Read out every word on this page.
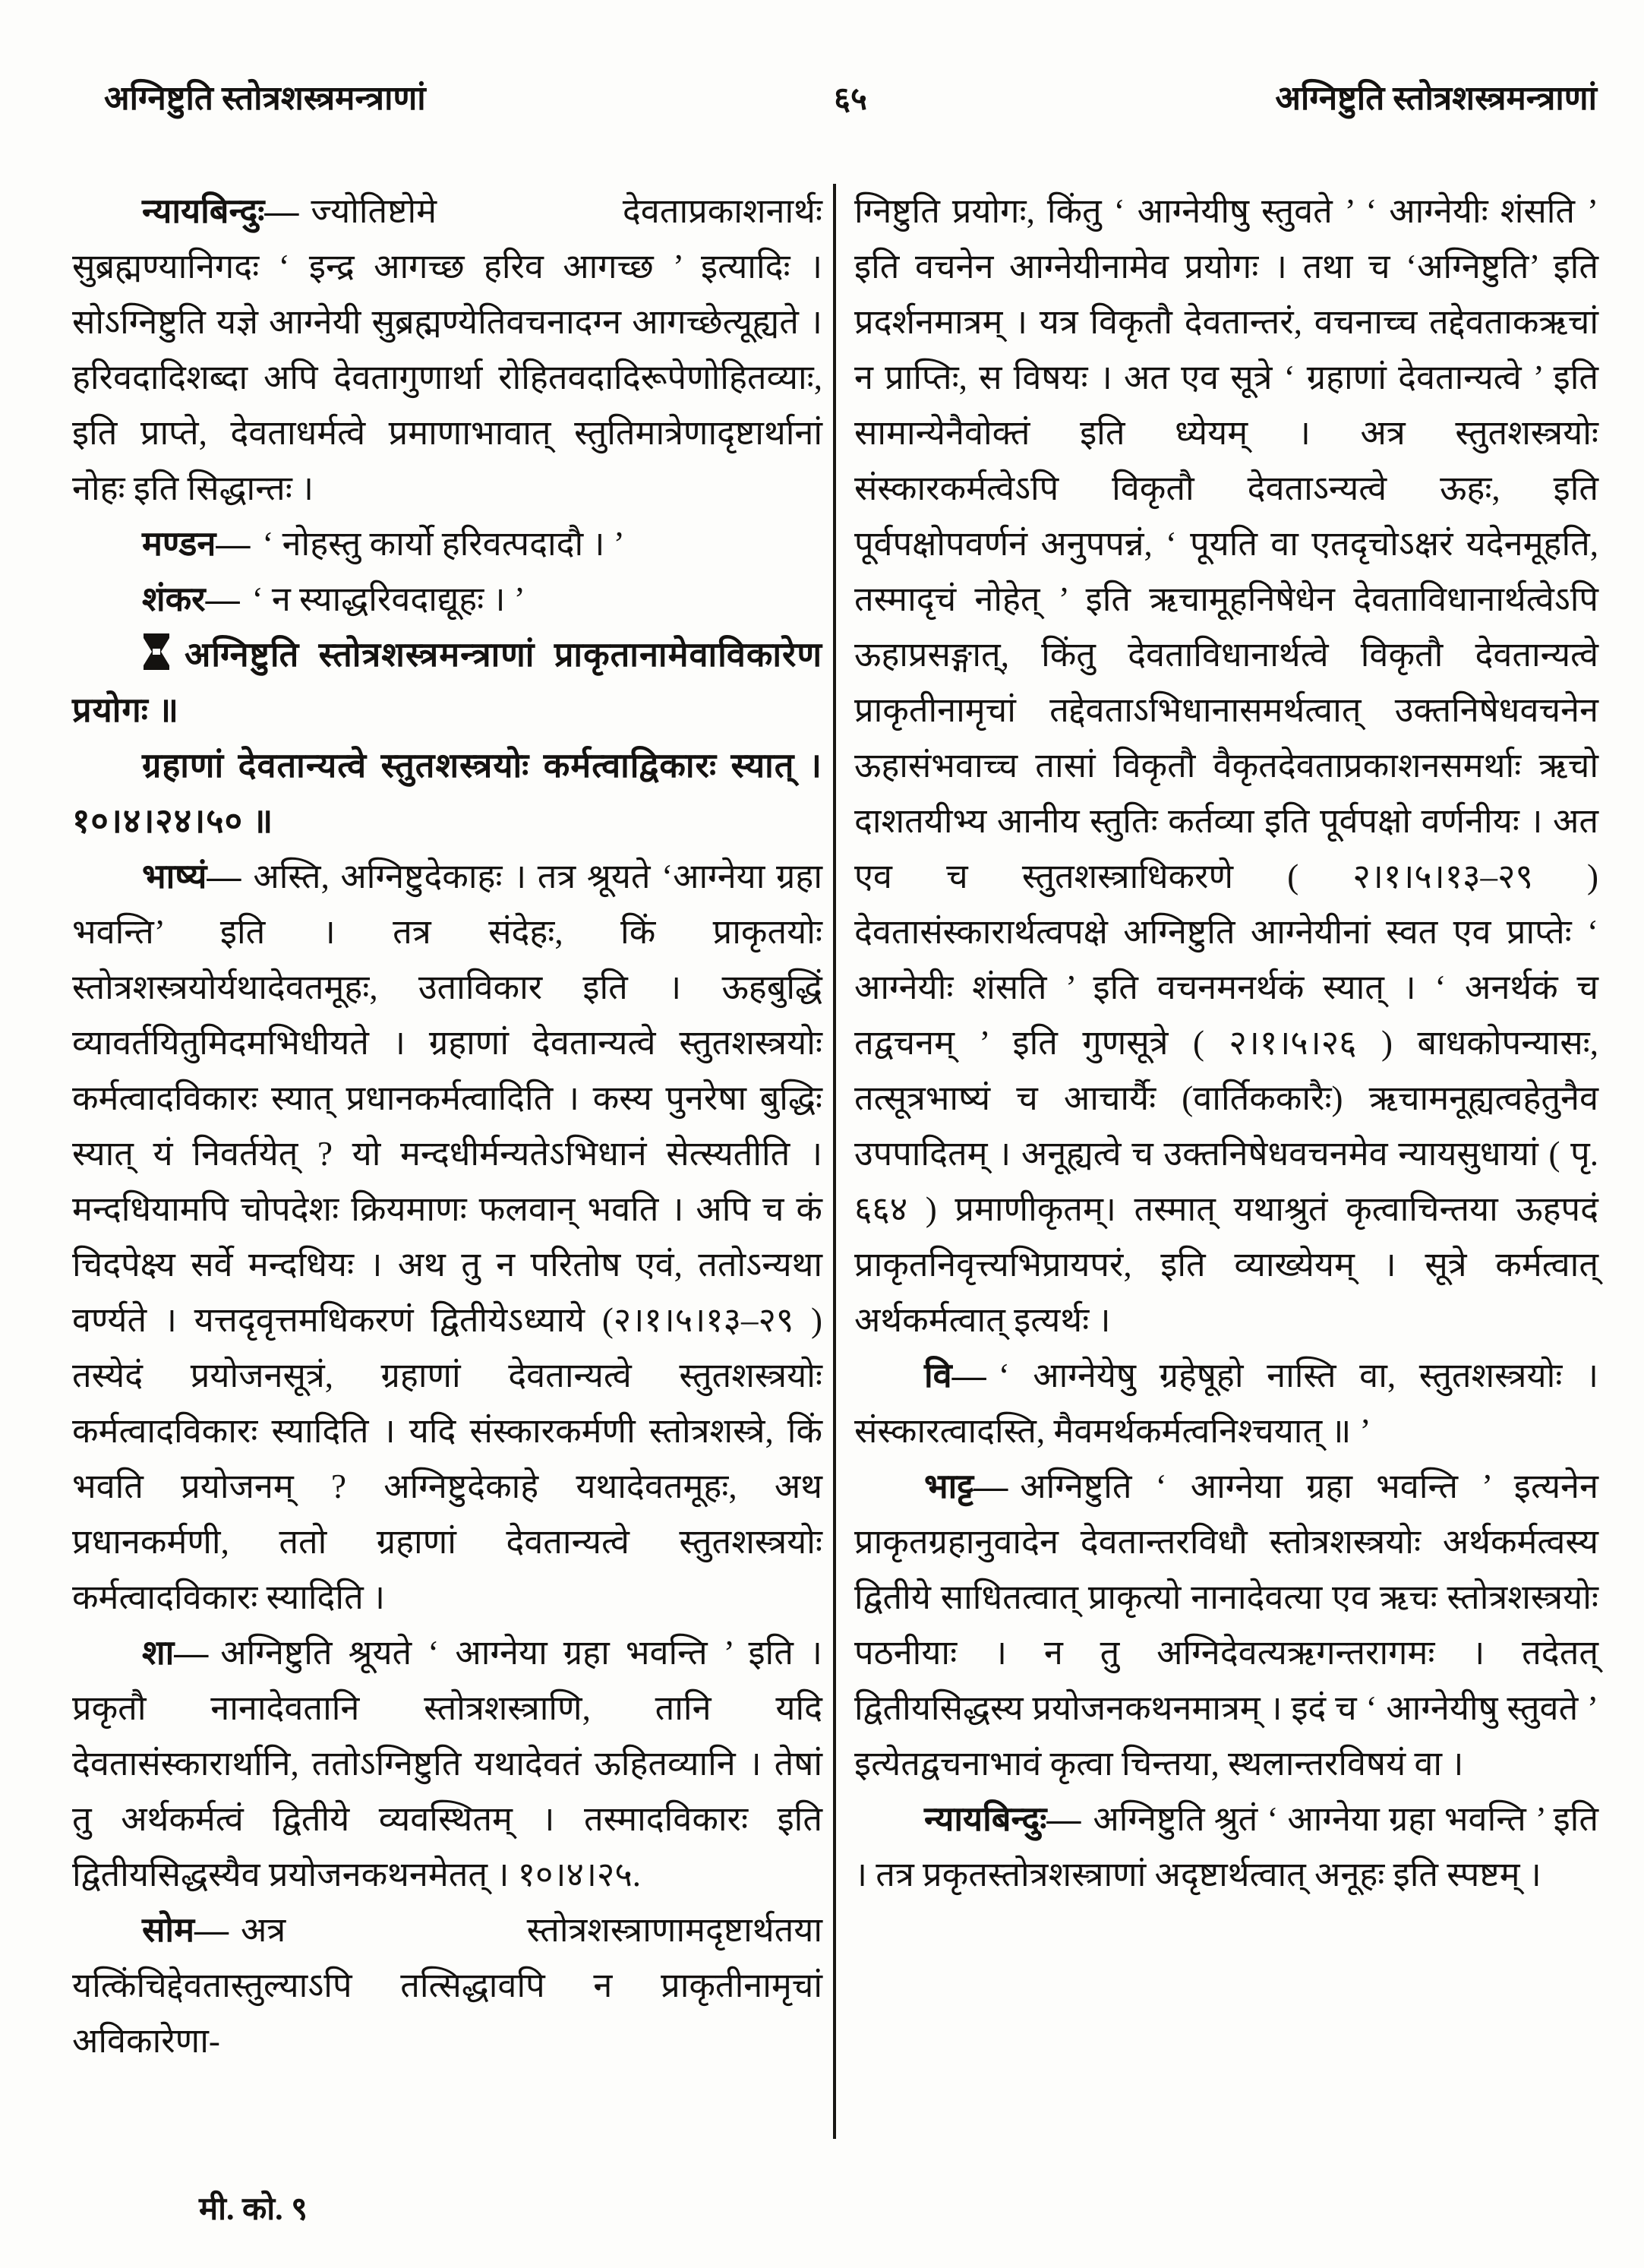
अग्निष्टुति स्तोत्रशस्त्रमन्त्राणां	६५	अग्निष्टुति स्तोत्रशस्त्रमन्त्राणां

न्यायबिन्दुः— ज्योतिष्टोमे देवताप्रकाशनार्थः सुब्रह्मण्यानिगदः ‘ इन्द्र आगच्छ हरिव आगच्छ ’ इत्यादिः । सोऽग्निष्टुति यज्ञे आग्नेयी सुब्रह्मण्येतिवचनादग्न आगच्छेत्यूह्यते । हरिवदादिशब्दा अपि देवतागुणार्था रोहितवदादिरूपेणोहितव्याः, इति प्राप्ते, देवताधर्मत्वे प्रमाणाभावात् स्तुतिमात्रेणादृष्टार्थानां नोहः इति सिद्धान्तः ।

मण्डन— ‘ नोहस्तु कार्यो हरिवत्पदादौ । ’

शंकर— ‘ न स्याद्धरिवदाद्यूहः । ’

अग्निष्टुति स्तोत्रशस्त्रमन्त्राणां प्राकृतानामेवाविकारेण प्रयोगः ॥

ग्रहाणां देवतान्यत्वे स्तुतशस्त्रयोः कर्मत्वाद्विकारः स्यात् । १०।४।२४।५० ॥

भाष्यं— अस्ति, अग्निष्टुदेकाहः । तत्र श्रूयते ‘आग्नेया ग्रहा भवन्ति’ इति । तत्र संदेहः, किं प्राकृतयोः स्तोत्रशस्त्रयोर्यथादेवतमूहः, उताविकार इति । ऊहबुद्धिं व्यावर्तयितुमिदमभिधीयते । ग्रहाणां देवतान्यत्वे स्तुतशस्त्रयोः कर्मत्वादविकारः स्यात् प्रधानकर्मत्वादिति । कस्य पुनरेषा बुद्धिः स्यात् यं निवर्तयेत् ? यो मन्दधीर्मन्यतेऽभिधानं सेत्स्यतीति । मन्दधियामपि चोपदेशः क्रियमाणः फलवान् भवति । अपि च कं चिदपेक्ष्य सर्वे मन्दधियः । अथ तु न परितोष एवं, ततोऽन्यथा वर्ण्यते । यत्तदृवृत्तमधिकरणं द्वितीयेऽध्याये (२।१।५।१३–२९ ) तस्येदं प्रयोजनसूत्रं, ग्रहाणां देवतान्यत्वे स्तुतशस्त्रयोः कर्मत्वादविकारः स्यादिति । यदि संस्कारकर्मणी स्तोत्रशस्त्रे, किं भवति प्रयोजनम् ? अग्निष्टुदेकाहे यथादेवतमूहः, अथ प्रधानकर्मणी, ततो ग्रहाणां देवतान्यत्वे स्तुतशस्त्रयोः कर्मत्वादविकारः स्यादिति ।

शा— अग्निष्टुति श्रूयते ‘ आग्नेया ग्रहा भवन्ति ’ इति । प्रकृतौ नानादेवतानि स्तोत्रशस्त्राणि, तानि यदि देवतासंस्कारार्थानि, ततोऽग्निष्टुति यथादेवतं ऊहितव्यानि । तेषां तु अर्थकर्मत्वं द्वितीये व्यवस्थितम् । तस्मादविकारः इति द्वितीयसिद्धस्यैव प्रयोजनकथनमेतत् । १०।४।२५.

सोम— अत्र स्तोत्रशस्त्राणामदृष्टार्थतया यत्किंचिद्देवतास्तुल्याऽपि तत्सिद्धावपि न प्राकृतीनामृचां अविकारेणा-

ग्निष्टुति प्रयोगः, किंतु ‘ आग्नेयीषु स्तुवते ’ ‘ आग्नेयीः शंसति ’ इति वचनेन आग्नेयीनामेव प्रयोगः । तथा च ‘अग्निष्टुति’ इति प्रदर्शनमात्रम् । यत्र विकृतौ देवतान्तरं, वचनाच्च तद्देवताकऋचां न प्राप्तिः, स विषयः । अत एव सूत्रे ‘ ग्रहाणां देवतान्यत्वे ’ इति सामान्येनैवोक्तं इति ध्येयम् । अत्र स्तुतशस्त्रयोः संस्कारकर्मत्वेऽपि विकृतौ देवताऽन्यत्वे ऊहः, इति पूर्वपक्षोपवर्णनं अनुपपन्नं, ‘ पूयति वा एतदृचोऽक्षरं यदेनमूहति, तस्मादृचं नोहेत् ’ इति ऋचामूहनिषेधेन देवताविधानार्थत्वेऽपि ऊहाप्रसङ्गात्, किंतु देवताविधानार्थत्वे विकृतौ देवतान्यत्वे प्राकृतीनामृचां तद्देवताऽभिधानासमर्थत्वात् उक्तनिषेधवचनेन ऊहासंभवाच्च तासां विकृतौ वैकृतदेवताप्रकाशनसमर्थाः ऋचो दाशतयीभ्य आनीय स्तुतिः कर्तव्या इति पूर्वपक्षो वर्णनीयः । अत एव च स्तुतशस्त्राधिकरणे ( २।१।५।१३–२९ ) देवतासंस्कारार्थत्वपक्षे अग्निष्टुति आग्नेयीनां स्वत एव प्राप्तेः ‘ आग्नेयीः शंसति ’ इति वचनमनर्थकं स्यात् । ‘ अनर्थकं च तद्वचनम् ’ इति गुणसूत्रे ( २।१।५।२६ ) बाधकोपन्यासः, तत्सूत्रभाष्यं च आचार्यैः (वार्तिककारैः) ऋचामनूह्यत्वहेतुनैव उपपादितम् । अनूह्यत्वे च उक्तनिषेधवचनमेव न्यायसुधायां ( पृ. ६६४ ) प्रमाणीकृतम्। तस्मात् यथाश्रुतं कृत्वाचिन्तया ऊहपदं प्राकृतनिवृत्त्यभिप्रायपरं, इति व्याख्येयम् । सूत्रे कर्मत्वात् अर्थकर्मत्वात् इत्यर्थः ।

वि— ‘ आग्नेयेषु ग्रहेषूहो नास्ति वा, स्तुतशस्त्रयोः । संस्कारत्वादस्ति, मैवमर्थकर्मत्वनिश्चयात् ॥ ’

भाट्ट— अग्निष्टुति ‘ आग्नेया ग्रहा भवन्ति ’ इत्यनेन प्राकृतग्रहानुवादेन देवतान्तरविधौ स्तोत्रशस्त्रयोः अर्थकर्मत्वस्य द्वितीये साधितत्वात् प्राकृत्यो नानादेवत्या एव ऋचः स्तोत्रशस्त्रयोः पठनीयाः । न तु अग्निदेवत्यऋगन्तरागमः । तदेतत् द्वितीयसिद्धस्य प्रयोजनकथनमात्रम् । इदं च ‘ आग्नेयीषु स्तुवते ’ इत्येतद्वचनाभावं कृत्वा चिन्तया, स्थलान्तरविषयं वा ।

न्यायबिन्दुः— अग्निष्टुति श्रुतं ‘ आग्नेया ग्रहा भवन्ति ’ इति । तत्र प्रकृतस्तोत्रशस्त्राणां अदृष्टार्थत्वात् अनूहः इति स्पष्टम् ।

मी. को. ९
